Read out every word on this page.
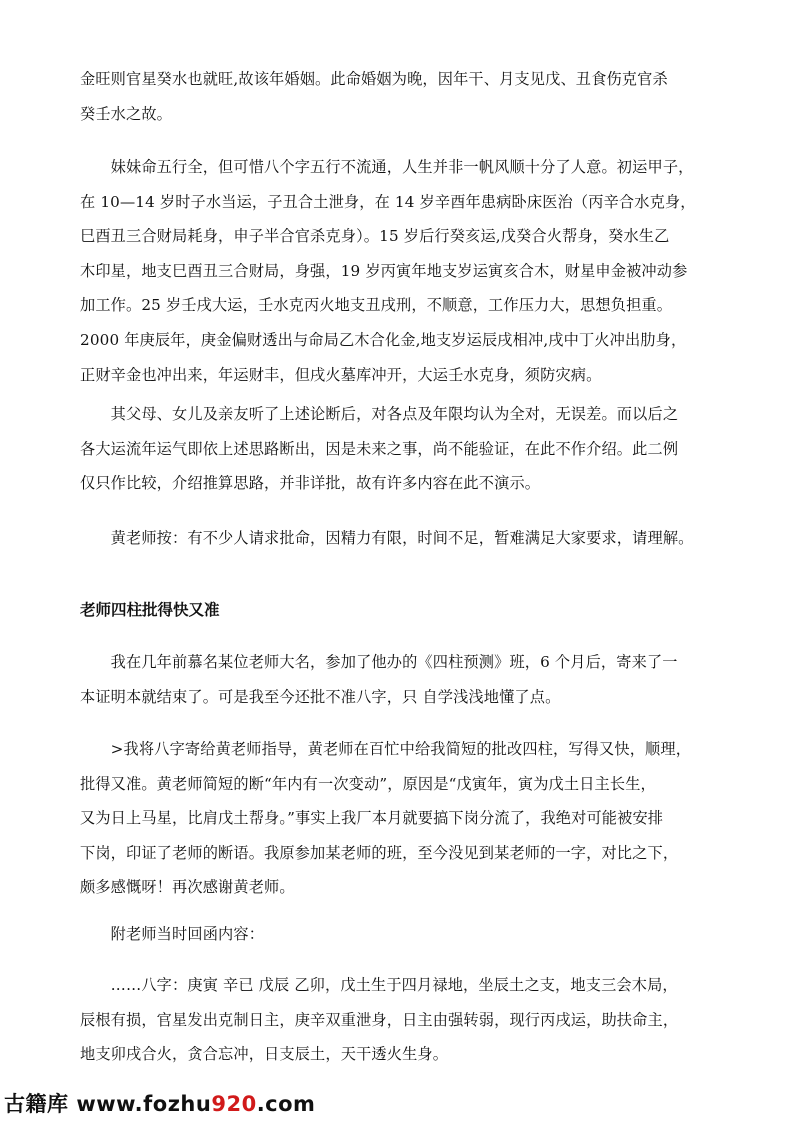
金旺则官星癸水也就旺,故该年婚姻。此命婚姻为晚，因年干、月支见戊、丑食伤克官杀
癸壬水之故。
　　妹妹命五行全，但可惜八个字五行不流通，人生并非一帆风顺十分了人意。初运甲子，
在 10—14 岁时子水当运，子丑合土泄身，在 14 岁辛酉年患病卧床医治（丙辛合水克身，
巳酉丑三合财局耗身，申子半合官杀克身）。15 岁后行癸亥运,戊癸合火帮身，癸水生乙
木印星，地支巳酉丑三合财局，身强，19 岁丙寅年地支岁运寅亥合木，财星申金被冲动参
加工作。25 岁壬戌大运，壬水克丙火地支丑戌刑，不顺意，工作压力大，思想负担重。
2000 年庚辰年，庚金偏财透出与命局乙木合化金,地支岁运辰戌相冲,戌中丁火冲出肋身，
正财辛金也冲出来，年运财丰，但戌火墓库冲开，大运壬水克身，须防灾病。
　　其父母、女儿及亲友听了上述论断后，对各点及年限均认为全对，无误差。而以后之
各大运流年运气即依上述思路断出，因是未来之事，尚不能验证，在此不作介绍。此二例
仅只作比较，介绍推算思路，并非详批，故有许多内容在此不演示。
　　黄老师按：有不少人请求批命，因精力有限，时间不足，暂难满足大家要求，请理解。
老师四柱批得快又准
　　我在几年前慕名某位老师大名，参加了他办的《四柱预测》班，6 个月后，寄来了一
本证明本就结束了。可是我至今还批不准八字，只 自学浅浅地懂了点。
　　>我将八字寄给黄老师指导，黄老师在百忙中给我简短的批改四柱，写得又快，顺理，
批得又准。黄老师简短的断“年内有一次变动”，原因是“戊寅年，寅为戊土日主长生，
又为日上马星，比肩戊土帮身。”事实上我厂本月就要搞下岗分流了，我绝对可能被安排
下岗，印证了老师的断语。我原参加某老师的班，至今没见到某老师的一字，对比之下，
颇多感慨呀！再次感谢黄老师。
　　附老师当时回函内容：
　　……八字：庚寅 辛已 戊辰 乙卯，戊土生于四月禄地，坐辰土之支，地支三会木局，
辰根有损，官星发出克制日主，庚辛双重泄身，日主由强转弱，现行丙戌运，助扶命主，
地支卯戌合火，贪合忘冲，日支辰土，天干透火生身。
古籍库 www.fozhu920.com
